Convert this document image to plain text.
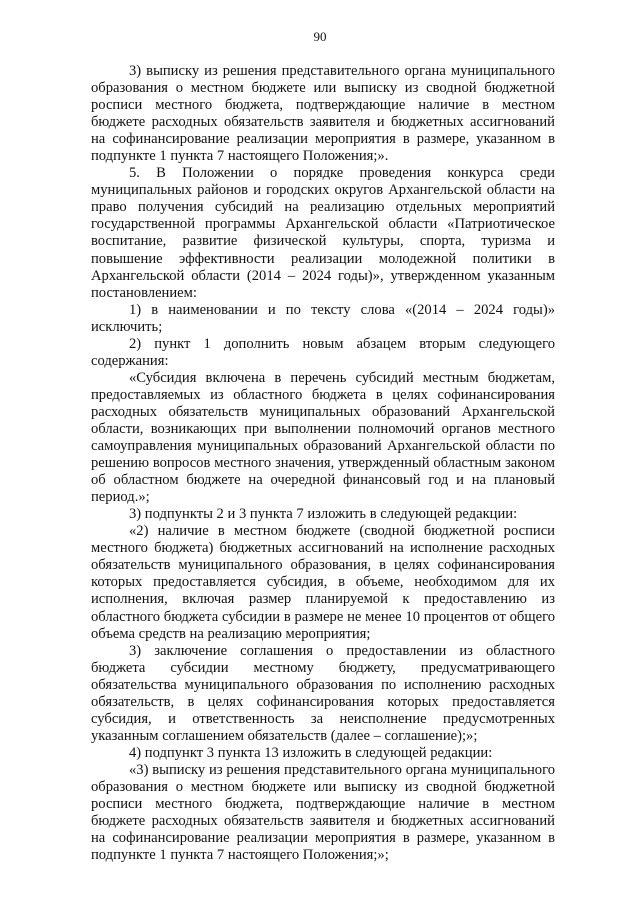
90

3) выписку из решения представительного органа муниципального образования о местном бюджете или выписку из сводной бюджетной росписи местного бюджета, подтверждающие наличие в местном бюджете расходных обязательств заявителя и бюджетных ассигнований на софинансирование реализации мероприятия в размере, указанном в подпункте 1 пункта 7 настоящего Положения;».

5. В Положении о порядке проведения конкурса среди муниципальных районов и городских округов Архангельской области на право получения субсидий на реализацию отдельных мероприятий государственной программы Архангельской области «Патриотическое воспитание, развитие физической культуры, спорта, туризма и повышение эффективности реализации молодежной политики в Архангельской области (2014 – 2024 годы)», утвержденном указанным постановлением:

1) в наименовании и по тексту слова «(2014 – 2024 годы)» исключить;

2) пункт 1 дополнить новым абзацем вторым следующего содержания:

«Субсидия включена в перечень субсидий местным бюджетам, предоставляемых из областного бюджета в целях софинансирования расходных обязательств муниципальных образований Архангельской области, возникающих при выполнении полномочий органов местного самоуправления муниципальных образований Архангельской области по решению вопросов местного значения, утвержденный областным законом об областном бюджете на очередной финансовый год и на плановый период.»;

3) подпункты 2 и 3 пункта 7 изложить в следующей редакции:

«2) наличие в местном бюджете (сводной бюджетной росписи местного бюджета) бюджетных ассигнований на исполнение расходных обязательств муниципального образования, в целях софинансирования которых предоставляется субсидия, в объеме, необходимом для их исполнения, включая размер планируемой к предоставлению из областного бюджета субсидии в размере не менее 10 процентов от общего объема средств на реализацию мероприятия;

3) заключение соглашения о предоставлении из областного бюджета субсидии местному бюджету, предусматривающего обязательства муниципального образования по исполнению расходных обязательств, в целях софинансирования которых предоставляется субсидия, и ответственность за неисполнение предусмотренных указанным соглашением обязательств (далее – соглашение);»;

4) подпункт 3 пункта 13 изложить в следующей редакции:

«3) выписку из решения представительного органа муниципального образования о местном бюджете или выписку из сводной бюджетной росписи местного бюджета, подтверждающие наличие в местном бюджете расходных обязательств заявителя и бюджетных ассигнований на софинансирование реализации мероприятия в размере, указанном в подпункте 1 пункта 7 настоящего Положения;»;
